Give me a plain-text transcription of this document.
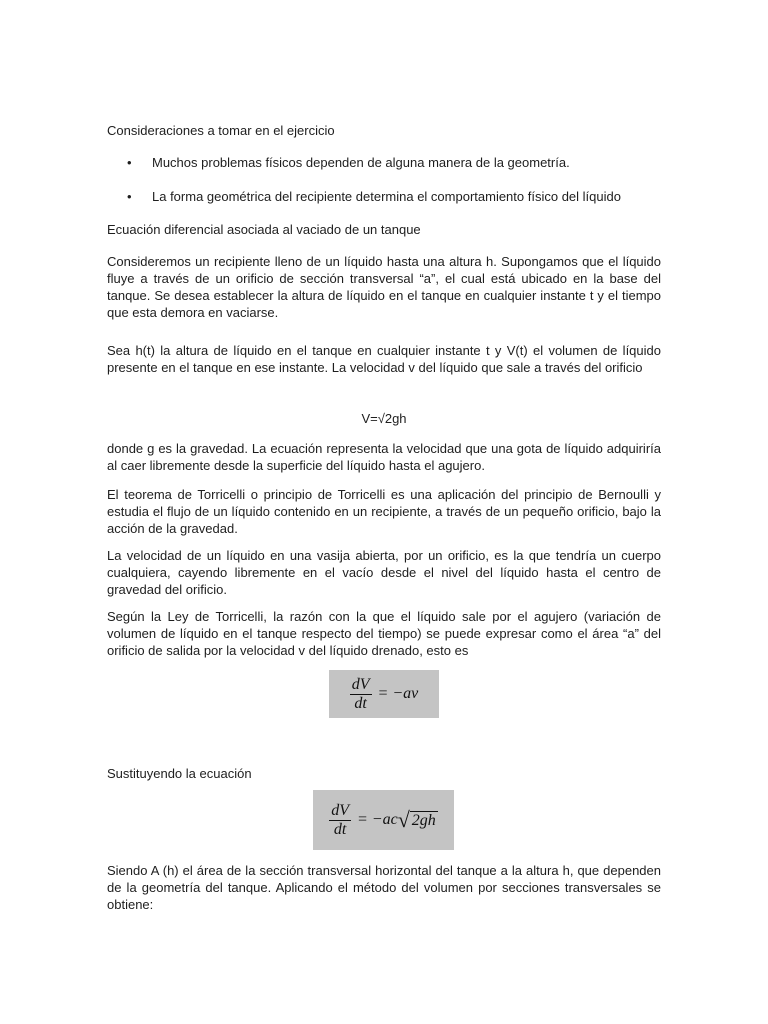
Consideraciones a tomar en el ejercicio
• Muchos problemas físicos dependen de alguna manera de la geometría.
• La forma geométrica del recipiente determina el comportamiento físico del líquido
Ecuación diferencial asociada al vaciado de un tanque
Consideremos un recipiente lleno de un líquido hasta una altura h. Supongamos que el líquido fluye a través de un orificio de sección transversal “a”, el cual está ubicado en la base del tanque. Se desea establecer la altura de líquido en el tanque en cualquier instante t y el tiempo que esta demora en vaciarse.
Sea h(t) la altura de líquido en el tanque en cualquier instante t y V(t) el volumen de líquido presente en el tanque en ese instante. La velocidad v del líquido que sale a través del orificio
V=√2gh
donde g es la gravedad. La ecuación representa la velocidad que una gota de líquido adquiriría al caer libremente desde la superficie del líquido hasta el agujero.
El teorema de Torricelli o principio de Torricelli es una aplicación del principio de Bernoulli y estudia el flujo de un líquido contenido en un recipiente, a través de un pequeño orificio, bajo la acción de la gravedad.
La velocidad de un líquido en una vasija abierta, por un orificio, es la que tendría un cuerpo cualquiera, cayendo libremente en el vacío desde el nivel del líquido hasta el centro de gravedad del orificio.
Según la Ley de Torricelli, la razón con la que el líquido sale por el agujero (variación de volumen de líquido en el tanque respecto del tiempo) se puede expresar como el área “a” del orificio de salida por la velocidad v del líquido drenado, esto es
Sustituyendo la ecuación
Siendo A (h) el área de la sección transversal horizontal del tanque a la altura h, que dependen de la geometría del tanque. Aplicando el método del volumen por secciones transversales se obtiene:
$\frac{dV}{dt} = -av$
$\frac{dV}{dt} = -ac$ √ 2gh
